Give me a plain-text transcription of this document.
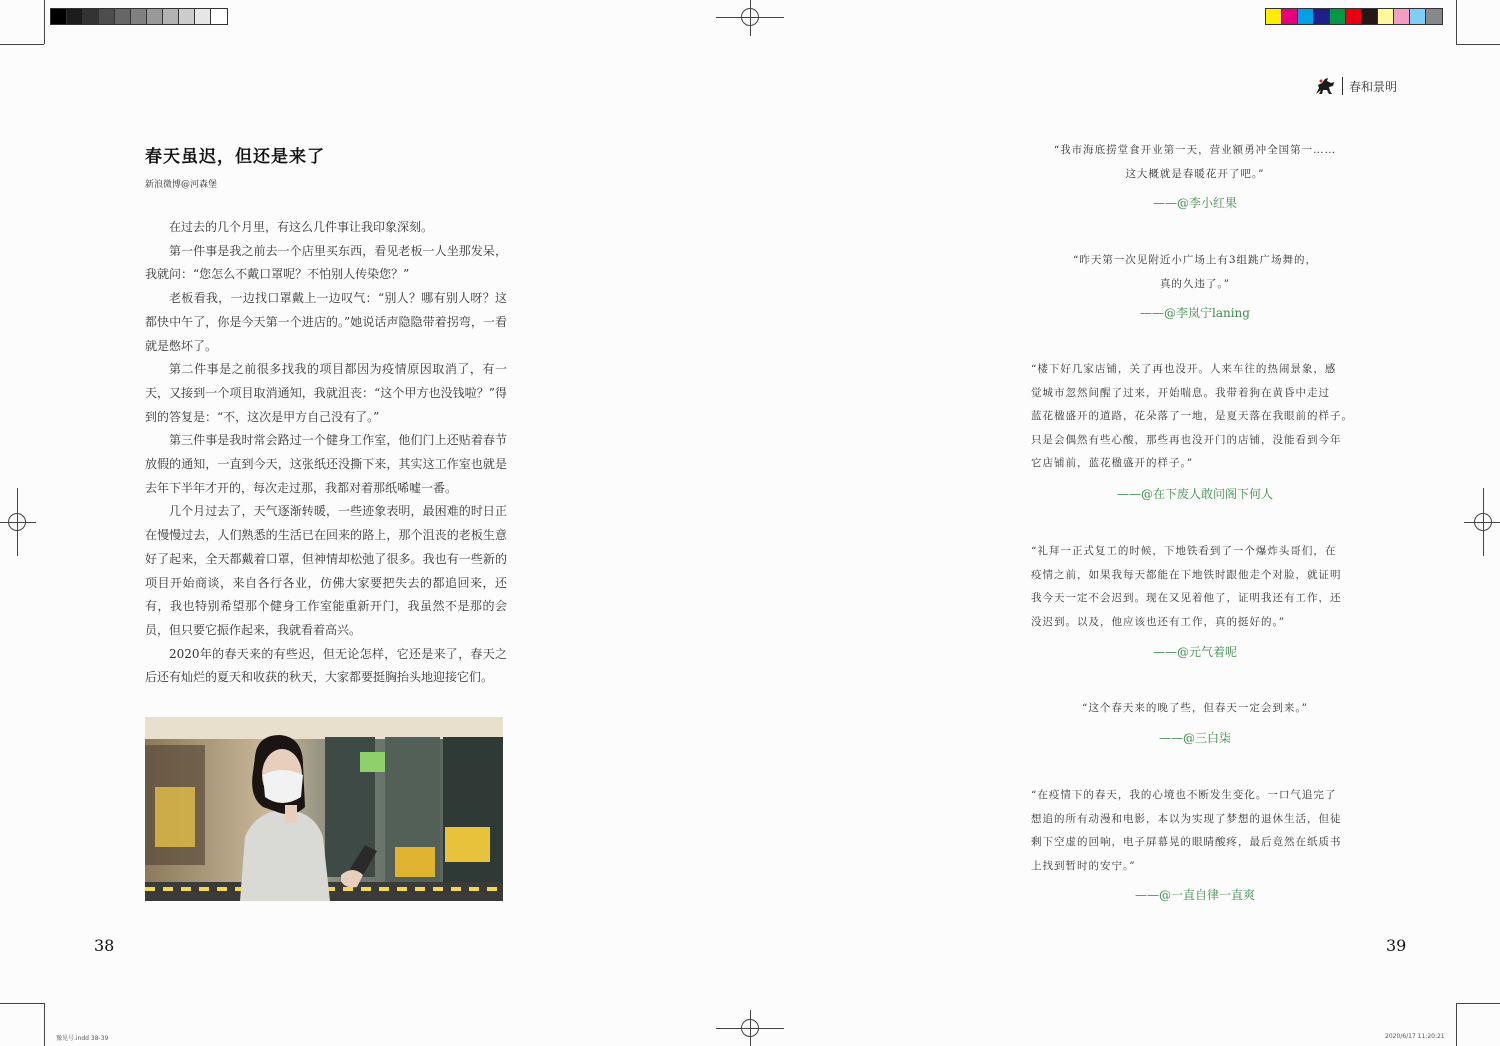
春和景明
春天虽迟，但还是来了
新浪微博@河森堡

在过去的几个月里，有这么几件事让我印象深刻。

第一件事是我之前去一个店里买东西，看见老板一人坐那发呆，我就问：“您怎么不戴口罩呢？不怕别人传染您？”

老板看我，一边找口罩戴上一边叹气：“别人？哪有别人呀？这都快中午了，你是今天第一个进店的。”她说话声隐隐带着拐弯，一看就是憋坏了。

第二件事是之前很多找我的项目都因为疫情原因取消了，有一天，又接到一个项目取消通知，我就沮丧：“这个甲方也没钱啦？”得到的答复是：“不，这次是甲方自己没有了。”

第三件事是我时常会路过一个健身工作室，他们门上还贴着春节放假的通知，一直到今天，这张纸还没撕下来，其实这工作室也就是去年下半年才开的，每次走过那，我都对着那纸唏嘘一番。

几个月过去了，天气逐渐转暖，一些迹象表明，最困难的时日正在慢慢过去，人们熟悉的生活已在回来的路上，那个沮丧的老板生意好了起来，全天都戴着口罩，但神情却松弛了很多。我也有一些新的项目开始商谈，来自各行各业，仿佛大家要把失去的都追回来，还有，我也特别希望那个健身工作室能重新开门，我虽然不是那的会员，但只要它振作起来，我就看着高兴。

2020年的春天来的有些迟，但无论怎样，它还是来了，春天之后还有灿烂的夏天和收获的秋天，大家都要挺胸抬头地迎接它们。

38
“我市海底捞堂食开业第一天，营业额勇冲全国第一……
这大概就是春暖花开了吧。”
——@李小红果
“昨天第一次见附近小广场上有3组跳广场舞的，
真的久违了。”
——@李岚宁laning
“楼下好几家店铺，关了再也没开。人来车往的热闹景象，感
觉城市忽然间醒了过来，开始喘息。我带着狗在黄昏中走过
蓝花楹盛开的道路，花朵落了一地，是夏天落在我眼前的样子。
只是会偶然有些心酸，那些再也没开门的店铺，没能看到今年
它店铺前，蓝花楹盛开的样子。”
——@在下废人敢问阁下何人
“礼拜一正式复工的时候，下地铁看到了一个爆炸头哥们，在
疫情之前，如果我每天都能在下地铁时跟他走个对脸，就证明
我今天一定不会迟到。现在又见着他了，证明我还有工作，还
没迟到。以及，他应该也还有工作，真的挺好的。”
——@元气着呢
“这个春天来的晚了些，但春天一定会到来。”
——@三白柒
“在疫情下的春天，我的心境也不断发生变化。一口气追完了
想追的所有动漫和电影，本以为实现了梦想的退休生活，但徒
剩下空虚的回响，电子屏幕晃的眼睛酸疼，最后竟然在纸质书
上找到暂时的安宁。”
——@一直自律一直爽
39
豫见号.indd 38-39	2020/6/17 11:20:21
